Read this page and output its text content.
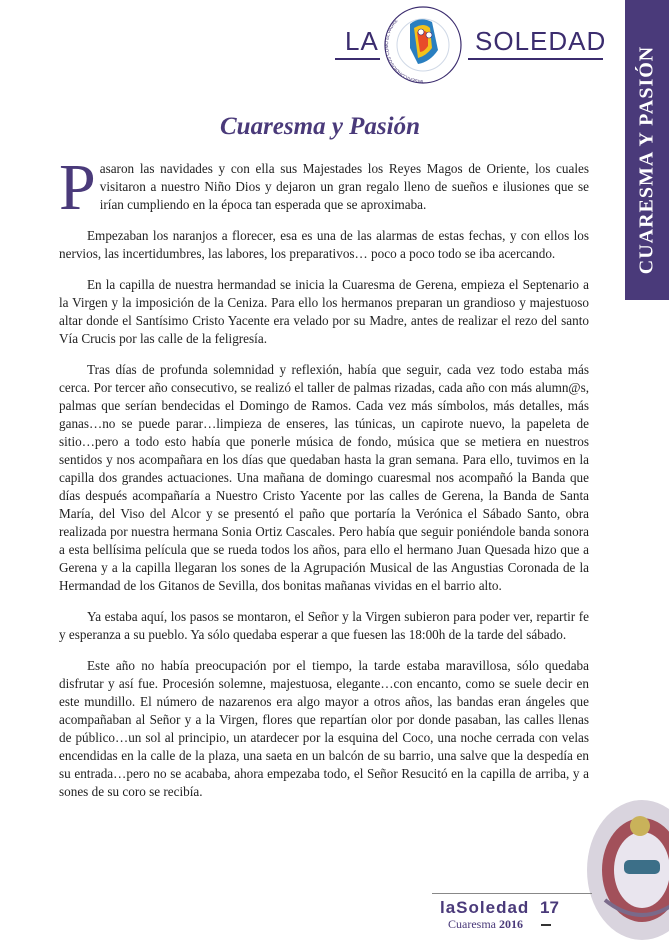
LA	SOLEDAD
MISERICORDIOSOS COMO EL PADRE
CUARESMA Y PASIÓN
Cuaresma y Pasión

Pasaron las navidades y con ella sus Majestades los Reyes Magos de Oriente, los cuales visitaron a nuestro Niño Dios y dejaron un gran regalo lleno de sueños e ilusiones que se irían cumpliendo en la época tan esperada que se aproximaba.

Empezaban los naranjos a florecer, esa es una de las alarmas de estas fechas, y con ellos los nervios, las incertidumbres, las labores, los preparativos… poco a poco todo se iba acercando.

En la capilla de nuestra hermandad se inicia la Cuaresma de Gerena, empieza el Septenario a la Virgen y la imposición de la Ceniza. Para ello los hermanos preparan un grandioso y majestuoso altar donde el Santísimo Cristo Yacente era velado por su Madre, antes de realizar el rezo del santo Vía Crucis por las calle de la feligresía.

Tras días de profunda solemnidad y reflexión, había que seguir, cada vez todo estaba más cerca. Por tercer año consecutivo, se realizó el taller de palmas rizadas, cada año con más alumn@s, palmas que serían bendecidas el Domingo de Ramos. Cada vez más símbolos, más detalles, más ganas…no se puede parar…limpieza de enseres, las túnicas, un capirote nuevo, la papeleta de sitio…pero a todo esto había que ponerle música de fondo, música que se metiera en nuestros sentidos y nos acompañara en los días que quedaban hasta la gran semana. Para ello, tuvimos en la capilla dos grandes actuaciones. Una mañana de domingo cuaresmal nos acompañó la Banda que días después acompañaría a Nuestro Cristo Yacente por las calles de Gerena, la Banda de Santa María, del Viso del Alcor y se presentó el paño que portaría la Verónica el Sábado Santo, obra realizada por nuestra hermana Sonia Ortiz Cascales. Pero había que seguir poniéndole banda sonora a esta bellísima película que se rueda todos los años, para ello el hermano Juan Quesada hizo que a Gerena y a la capilla llegaran los sones de la Agrupación Musical de las Angustias Coronada de la Hermandad de los Gitanos de Sevilla, dos bonitas mañanas vividas en el barrio alto.

Ya estaba aquí, los pasos se montaron, el Señor y la Virgen subieron para poder ver, repartir fe y esperanza a su pueblo. Ya sólo quedaba esperar a que fuesen las 18:00h de la tarde del sábado.

Este año no había preocupación por el tiempo, la tarde estaba maravillosa, sólo quedaba disfrutar y así fue. Procesión solemne, majestuosa, elegante…con encanto, como se suele decir en este mundillo. El número de nazarenos era algo mayor a otros años, las bandas eran ángeles que acompañaban al Señor y a la Virgen, flores que repartían olor por donde pasaban, las calles llenas de público…un sol al principio, un atardecer por la esquina del Coco, una noche cerrada con velas encendidas en la calle de la plaza, una saeta en un balcón de su barrio, una salve que la despedía en su entrada…pero no se acababa, ahora empezaba todo, el Señor Resucitó en la capilla de arriba, y a sones de su coro se recibía.

laSoledad
Cuaresma 2016
17
